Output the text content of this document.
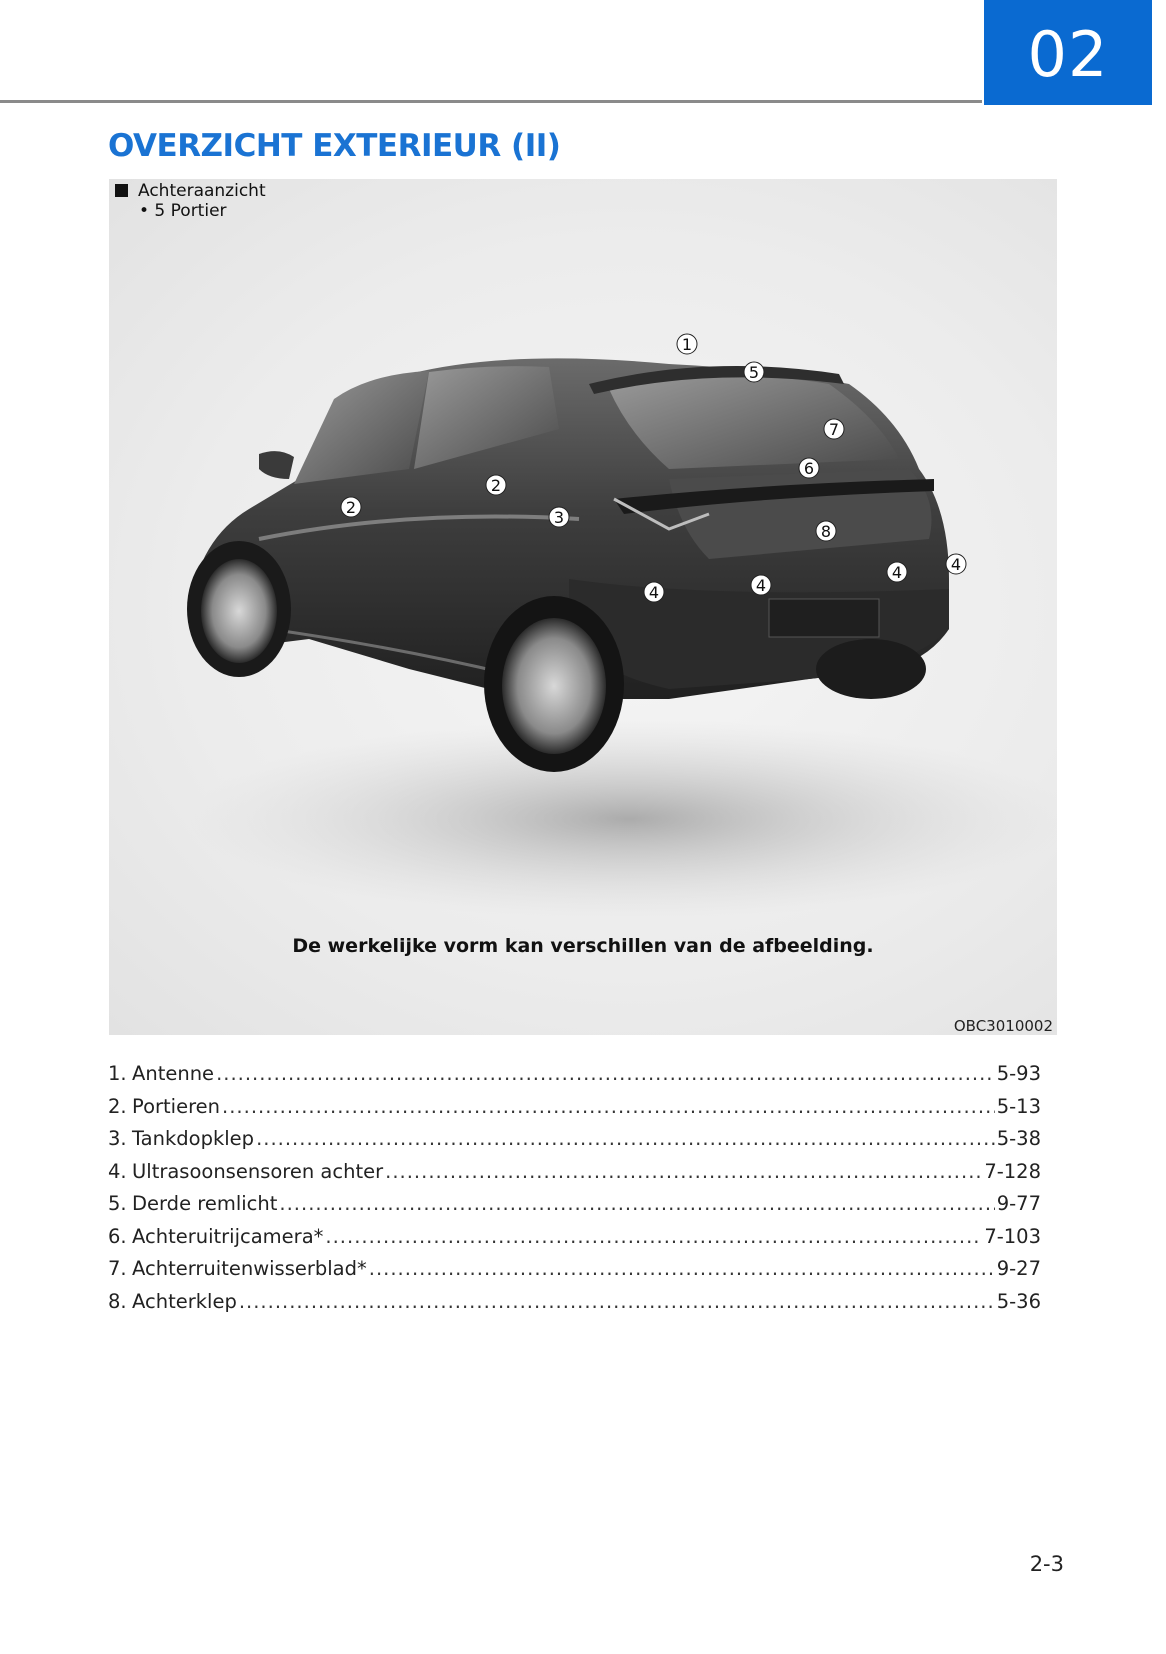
02
OVERZICHT EXTERIEUR (II)
1
5
7
6
2
2
3
8
4	4
4	4
Achteraanzicht
• 5 Portier
De werkelijke vorm kan verschillen van de afbeelding.
OBC3010002
1. Antenne .....	5-93
2. Portieren .....	5-13
3. Tankdopklep .....	5-38
4. Ultrasoonsensoren achter .....	7-128
5. Derde remlicht .....	9-77
6. Achteruitrijcamera* .....	7-103
7. Achterruitenwisserblad* .....	9-27
8. Achterklep .....	5-36
2-3
